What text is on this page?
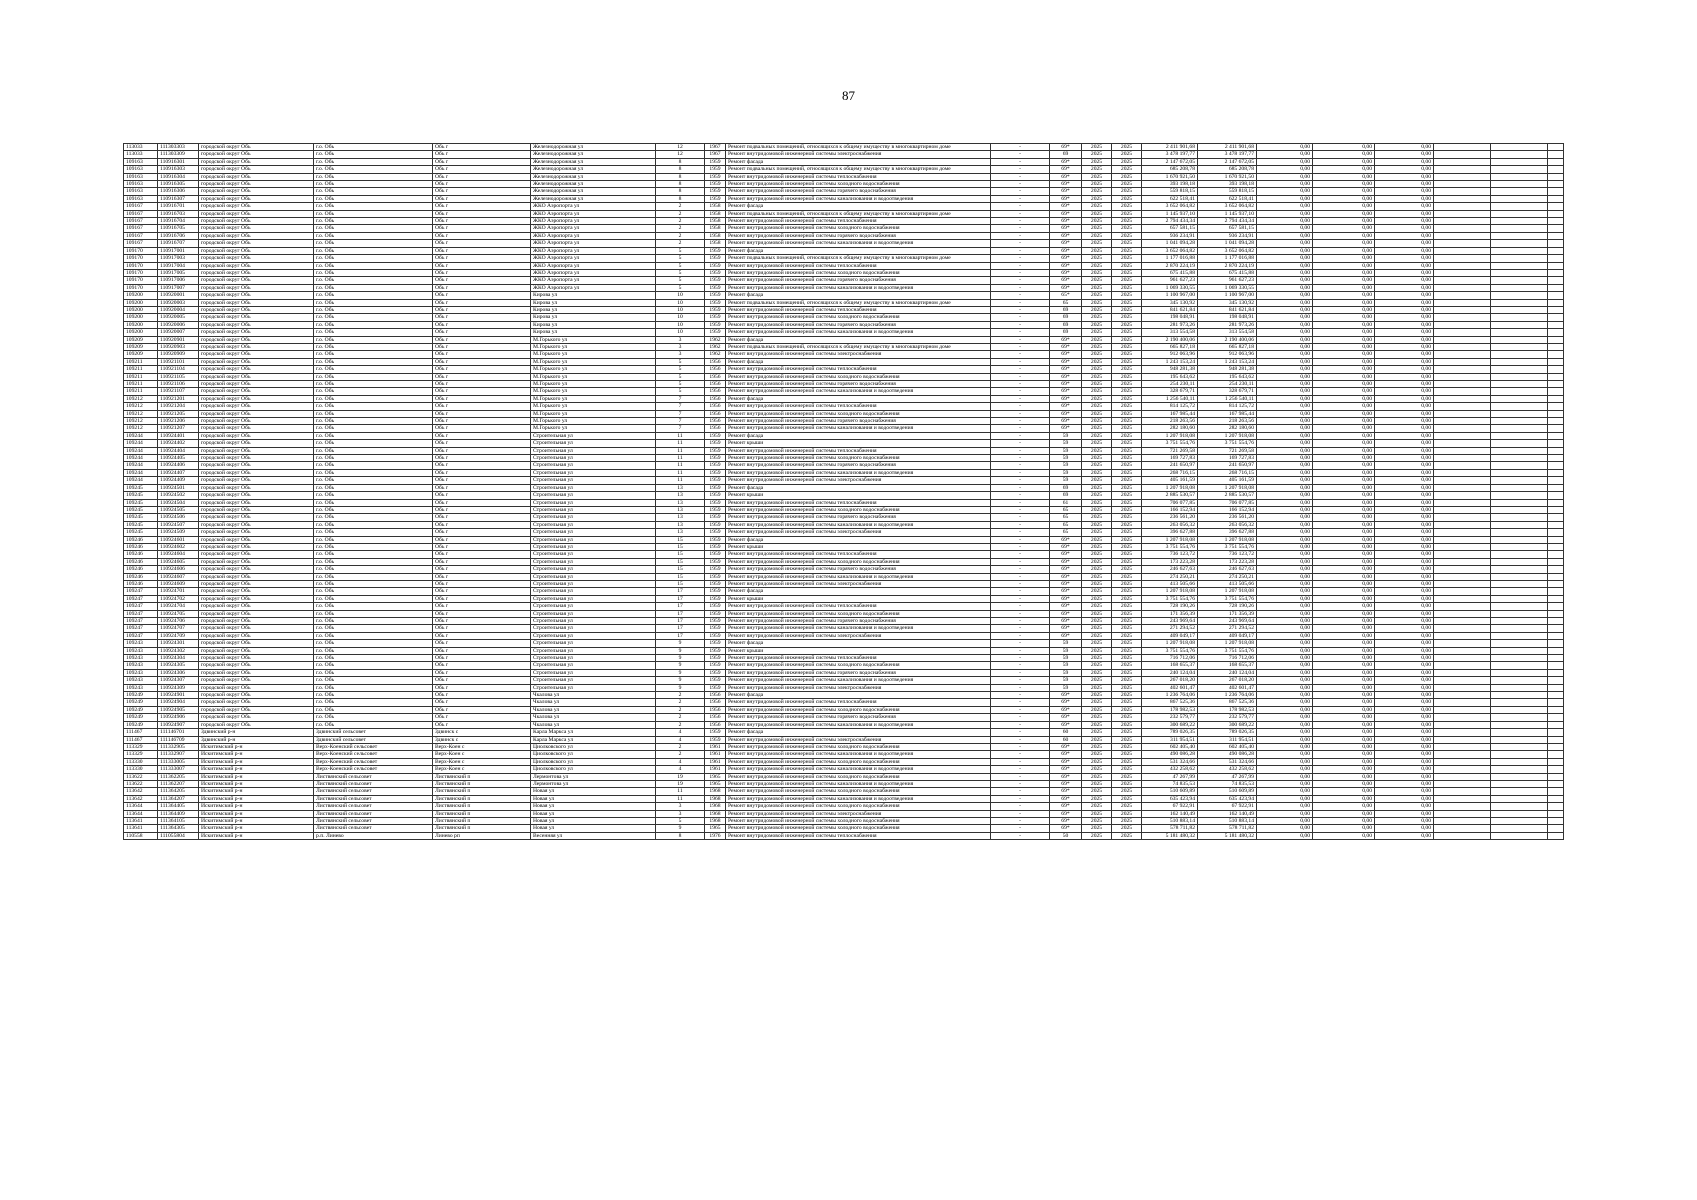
87
113033	111303303	городской округ Обь	г.о. Обь	Обь г	Железнодорожная ул	12	1967	Ремонт подвальных помещений, относящихся к общему имуществу в многоквартирном доме	-	69*	2025	2025	2 411 901,68	2 411 901,68	0,00	0,00	0,00			
113033	111303309	городской округ Обь	г.о. Обь	Обь г	Железнодорожная ул	12	1967	Ремонт внутридомовой инженерной системы электроснабжения	-	69	2025	2025	3 478 197,77	3 478 197,77	0,00	0,00	0,00			
109163	110916301	городской округ Обь	г.о. Обь	Обь г	Железнодорожная ул	8	1959	Ремонт фасада	-	69*	2025	2025	2 147 672,05	2 147 672,05	0,00	0,00	0,00			
109163	110916303	городской округ Обь	г.о. Обь	Обь г	Железнодорожная ул	8	1959	Ремонт подвальных помещений, относящихся к общему имуществу в многоквартирном доме	-	69*	2025	2025	685 208,78	685 208,78	0,00	0,00	0,00			
109163	110916304	городской округ Обь	г.о. Обь	Обь г	Железнодорожная ул	8	1959	Ремонт внутридомовой инженерной системы теплоснабжения	-	69*	2025	2025	1 670 921,50	1 670 921,50	0,00	0,00	0,00			
109163	110916305	городской округ Обь	г.о. Обь	Обь г	Железнодорожная ул	8	1959	Ремонт внутридомовой инженерной системы холодного водоснабжения	-	69*	2025	2025	393 198,18	393 198,18	0,00	0,00	0,00			
109163	110916306	городской округ Обь	г.о. Обь	Обь г	Железнодорожная ул	8	1959	Ремонт внутридомовой инженерной системы горячего водоснабжения	-	69*	2025	2025	559 818,15	559 818,15	0,00	0,00	0,00			
109163	110916307	городской округ Обь	г.о. Обь	Обь г	Железнодорожная ул	8	1959	Ремонт внутридомовой инженерной системы канализования и водоотведения	-	69*	2025	2025	622 518,41	622 518,41	0,00	0,00	0,00			
109167	110916701	городской округ Обь	г.о. Обь	Обь г	ЖКО Аэропорта ул	2	1958	Ремонт фасада	-	69*	2025	2025	3 652 064,82	3 652 064,82	0,00	0,00	0,00			
109167	110916703	городской округ Обь	г.о. Обь	Обь г	ЖКО Аэропорта ул	2	1958	Ремонт подвальных помещений, относящихся к общему имуществу в многоквартирном доме	-	69*	2025	2025	1 145 937,10	1 145 937,10	0,00	0,00	0,00			
109167	110916704	городской округ Обь	г.о. Обь	Обь г	ЖКО Аэропорта ул	2	1958	Ремонт внутридомовой инженерной системы теплоснабжения	-	69*	2025	2025	2 794 434,34	2 794 434,34	0,00	0,00	0,00			
109167	110916705	городской округ Обь	г.о. Обь	Обь г	ЖКО Аэропорта ул	2	1958	Ремонт внутридомовой инженерной системы холодного водоснабжения	-	69*	2025	2025	657 581,15	657 581,15	0,00	0,00	0,00			
109167	110916706	городской округ Обь	г.о. Обь	Обь г	ЖКО Аэропорта ул	2	1958	Ремонт внутридомовой инженерной системы горячего водоснабжения	-	69*	2025	2025	936 234,91	936 234,91	0,00	0,00	0,00			
109167	110916707	городской округ Обь	г.о. Обь	Обь г	ЖКО Аэропорта ул	2	1958	Ремонт внутридомовой инженерной системы канализования и водоотведения	-	69*	2025	2025	1 041 094,28	1 041 094,28	0,00	0,00	0,00			
109170	110917001	городской округ Обь	г.о. Обь	Обь г	ЖКО Аэропорта ул	5	1959	Ремонт фасада	-	69*	2025	2025	3 652 064,82	3 652 064,82	0,00	0,00	0,00			
109170	110917003	городской округ Обь	г.о. Обь	Обь г	ЖКО Аэропорта ул	5	1959	Ремонт подвальных помещений, относящихся к общему имуществу в многоквартирном доме	-	69*	2025	2025	1 177 016,88	1 177 016,88	0,00	0,00	0,00			
109170	110917004	городской округ Обь	г.о. Обь	Обь г	ЖКО Аэропорта ул	5	1959	Ремонт внутридомовой инженерной системы теплоснабжения	-	69*	2025	2025	2 870 224,19	2 870 224,19	0,00	0,00	0,00			
109170	110917005	городской округ Обь	г.о. Обь	Обь г	ЖКО Аэропорта ул	5	1959	Ремонт внутридомовой инженерной системы холодного водоснабжения	-	69*	2025	2025	675 415,88	675 415,88	0,00	0,00	0,00			
109170	110917006	городской округ Обь	г.о. Обь	Обь г	ЖКО Аэропорта ул	5	1959	Ремонт внутридомовой инженерной системы горячего водоснабжения	-	69*	2025	2025	961 627,23	961 627,23	0,00	0,00	0,00			
109170	110917007	городской округ Обь	г.о. Обь	Обь г	ЖКО Аэропорта ул	5	1959	Ремонт внутридомовой инженерной системы канализования и водоотведения	-	69*	2025	2025	1 069 330,55	1 069 330,55	0,00	0,00	0,00			
109200	110920001	городской округ Обь	г.о. Обь	Обь г	Кирова ул	10	1959	Ремонт фасада	-	65*	2025	2025	1 100 967,00	1 100 967,00	0,00	0,00	0,00			
109200	110920003	городской округ Обь	г.о. Обь	Обь г	Кирова ул	10	1959	Ремонт подвальных помещений, относящихся к общему имуществу в многоквартирном доме	-	65	2025	2025	345 130,92	345 130,92	0,00	0,00	0,00			
109200	110920004	городской округ Обь	г.о. Обь	Обь г	Кирова ул	10	1959	Ремонт внутридомовой инженерной системы теплоснабжения	-	69	2025	2025	841 621,84	841 621,84	0,00	0,00	0,00			
109200	110920005	городской округ Обь	г.о. Обь	Обь г	Кирова ул	10	1959	Ремонт внутридомовой инженерной системы холодного водоснабжения	-	69	2025	2025	198 048,91	198 048,91	0,00	0,00	0,00			
109200	110920006	городской округ Обь	г.о. Обь	Обь г	Кирова ул	10	1959	Ремонт внутридомовой инженерной системы горячего водоснабжения	-	69	2025	2025	281 973,26	281 973,26	0,00	0,00	0,00			
109200	110920007	городской округ Обь	г.о. Обь	Обь г	Кирова ул	10	1959	Ремонт внутридомовой инженерной системы канализования и водоотведения	-	69	2025	2025	313 554,58	313 554,58	0,00	0,00	0,00			
109209	110920901	городской округ Обь	г.о. Обь	Обь г	М.Горького ул	3	1962	Ремонт фасада	-	69*	2025	2025	2 190 400,06	2 190 400,06	0,00	0,00	0,00			
109209	110920903	городской округ Обь	г.о. Обь	Обь г	М.Горького ул	3	1962	Ремонт подвальных помещений, относящихся к общему имуществу в многоквартирном доме	-	69*	2025	2025	665 827,18	665 827,18	0,00	0,00	0,00			
109209	110920909	городской округ Обь	г.о. Обь	Обь г	М.Горького ул	3	1962	Ремонт внутридомовой инженерной системы электроснабжения	-	69*	2025	2025	912 063,96	912 063,96	0,00	0,00	0,00			
109211	110921101	городской округ Обь	г.о. Обь	Обь г	М.Горького ул	5	1956	Ремонт фасада	-	69*	2025	2025	1 243 153,24	1 243 153,24	0,00	0,00	0,00			
109211	110921104	городской округ Обь	г.о. Обь	Обь г	М.Горького ул	5	1956	Ремонт внутридомовой инженерной системы теплоснабжения	-	69*	2025	2025	948 281,38	948 281,38	0,00	0,00	0,00			
109211	110921105	городской округ Обь	г.о. Обь	Обь г	М.Горького ул	5	1956	Ремонт внутридомовой инженерной системы холодного водоснабжения	-	69*	2025	2025	195 643,62	195 643,62	0,00	0,00	0,00			
109211	110921106	городской округ Обь	г.о. Обь	Обь г	М.Горького ул	5	1956	Ремонт внутридомовой инженерной системы горячего водоснабжения	-	69*	2025	2025	254 230,11	254 230,11	0,00	0,00	0,00			
109211	110921107	городской округ Обь	г.о. Обь	Обь г	М.Горького ул	5	1956	Ремонт внутридомовой инженерной системы канализования и водоотведения	-	69*	2025	2025	328 679,71	328 679,71	0,00	0,00	0,00			
109212	110921201	городской округ Обь	г.о. Обь	Обь г	М.Горького ул	7	1956	Ремонт фасада	-	69*	2025	2025	1 256 540,11	1 256 540,11	0,00	0,00	0,00			
109212	110921204	городской округ Обь	г.о. Обь	Обь г	М.Горького ул	7	1956	Ремонт внутридомовой инженерной системы теплоснабжения	-	69*	2025	2025	814 125,72	814 125,72	0,00	0,00	0,00			
109212	110921205	городской округ Обь	г.о. Обь	Обь г	М.Горького ул	7	1956	Ремонт внутридомовой инженерной системы холодного водоснабжения	-	69*	2025	2025	167 985,44	167 985,44	0,00	0,00	0,00			
109212	110921206	городской округ Обь	г.о. Обь	Обь г	М.Горького ул	7	1956	Ремонт внутридомовой инженерной системы горячего водоснабжения	-	69*	2025	2025	218 263,56	218 263,56	0,00	0,00	0,00			
109212	110921207	городской округ Обь	г.о. Обь	Обь г	М.Горького ул	7	1956	Ремонт внутридомовой инженерной системы канализования и водоотведения	-	69*	2025	2025	282 180,60	282 180,60	0,00	0,00	0,00			
109244	110924401	городской округ Обь	г.о. Обь	Обь г	Строительная ул	11	1959	Ремонт фасада	-	59	2025	2025	1 207 918,08	1 207 918,08	0,00	0,00	0,00			
109244	110924402	городской округ Обь	г.о. Обь	Обь г	Строительная ул	11	1959	Ремонт крыши	-	59	2025	2025	3 751 554,76	3 751 554,76	0,00	0,00	0,00			
109244	110924404	городской округ Обь	г.о. Обь	Обь г	Строительная ул	11	1959	Ремонт внутридомовой инженерной системы теплоснабжения	-	59	2025	2025	721 269,58	721 269,58	0,00	0,00	0,00			
109244	110924405	городской округ Обь	г.о. Обь	Обь г	Строительная ул	11	1959	Ремонт внутридомовой инженерной системы холодного водоснабжения	-	59	2025	2025	169 727,83	169 727,83	0,00	0,00	0,00			
109244	110924406	городской округ Обь	г.о. Обь	Обь г	Строительная ул	11	1959	Ремонт внутридомовой инженерной системы горячего водоснабжения	-	59	2025	2025	241 650,97	241 650,97	0,00	0,00	0,00			
109244	110924407	городской округ Обь	г.о. Обь	Обь г	Строительная ул	11	1959	Ремонт внутридомовой инженерной системы канализования и водоотведения	-	59	2025	2025	268 716,15	268 716,15	0,00	0,00	0,00			
109244	110924409	городской округ Обь	г.о. Обь	Обь г	Строительная ул	11	1959	Ремонт внутридомовой инженерной системы электроснабжения	-	59	2025	2025	405 161,59	405 161,59	0,00	0,00	0,00			
109245	110924501	городской округ Обь	г.о. Обь	Обь г	Строительная ул	13	1959	Ремонт фасада	-	69	2025	2025	1 207 918,08	1 207 918,08	0,00	0,00	0,00			
109245	110924502	городской округ Обь	г.о. Обь	Обь г	Строительная ул	13	1959	Ремонт крыши	-	69	2025	2025	2 885 530,57	2 885 530,57	0,00	0,00	0,00			
109245	110924504	городской округ Обь	г.о. Обь	Обь г	Строительная ул	13	1959	Ремонт внутридомовой инженерной системы теплоснабжения	-	61	2025	2025	706 077,85	706 077,85	0,00	0,00	0,00			
109245	110924505	городской округ Обь	г.о. Обь	Обь г	Строительная ул	13	1959	Ремонт внутридомовой инженерной системы холодного водоснабжения	-	65	2025	2025	166 152,94	166 152,94	0,00	0,00	0,00			
109245	110924506	городской округ Обь	г.о. Обь	Обь г	Строительная ул	13	1959	Ремонт внутридомовой инженерной системы горячего водоснабжения	-	65	2025	2025	236 561,20	236 561,20	0,00	0,00	0,00			
109245	110924507	городской округ Обь	г.о. Обь	Обь г	Строительная ул	13	1959	Ремонт внутридомовой инженерной системы канализования и водоотведения	-	65	2025	2025	263 056,32	263 056,32	0,00	0,00	0,00			
109245	110924509	городской округ Обь	г.о. Обь	Обь г	Строительная ул	13	1959	Ремонт внутридомовой инженерной системы электроснабжения	-	65	2025	2025	396 627,88	396 627,88	0,00	0,00	0,00			
109246	110924601	городской округ Обь	г.о. Обь	Обь г	Строительная ул	15	1959	Ремонт фасада	-	69*	2025	2025	1 207 918,08	1 207 918,08	0,00	0,00	0,00			
109246	110924602	городской округ Обь	г.о. Обь	Обь г	Строительная ул	15	1959	Ремонт крыши	-	69*	2025	2025	3 751 554,76	3 751 554,76	0,00	0,00	0,00			
109246	110924604	городской округ Обь	г.о. Обь	Обь г	Строительная ул	15	1959	Ремонт внутридомовой инженерной системы теплоснабжения	-	69*	2025	2025	736 123,72	736 123,72	0,00	0,00	0,00			
109246	110924605	городской округ Обь	г.о. Обь	Обь г	Строительная ул	15	1959	Ремонт внутридомовой инженерной системы холодного водоснабжения	-	69*	2025	2025	173 223,28	173 223,28	0,00	0,00	0,00			
109246	110924606	городской округ Обь	г.о. Обь	Обь г	Строительная ул	15	1959	Ремонт внутридомовой инженерной системы горячего водоснабжения	-	69*	2025	2025	246 627,63	246 627,63	0,00	0,00	0,00			
109246	110924607	городской округ Обь	г.о. Обь	Обь г	Строительная ул	15	1959	Ремонт внутридомовой инженерной системы канализования и водоотведения	-	69*	2025	2025	274 250,21	274 250,21	0,00	0,00	0,00			
109246	110924609	городской округ Обь	г.о. Обь	Обь г	Строительная ул	15	1959	Ремонт внутридомовой инженерной системы электроснабжения	-	69*	2025	2025	413 505,66	413 505,66	0,00	0,00	0,00			
109247	110924701	городской округ Обь	г.о. Обь	Обь г	Строительная ул	17	1959	Ремонт фасада	-	69*	2025	2025	1 207 918,08	1 207 918,08	0,00	0,00	0,00			
109247	110924702	городской округ Обь	г.о. Обь	Обь г	Строительная ул	17	1959	Ремонт крыши	-	69*	2025	2025	3 751 554,76	3 751 554,76	0,00	0,00	0,00			
109247	110924704	городской округ Обь	г.о. Обь	Обь г	Строительная ул	17	1959	Ремонт внутридомовой инженерной системы теплоснабжения	-	69*	2025	2025	728 190,26	728 190,26	0,00	0,00	0,00			
109247	110924705	городской округ Обь	г.о. Обь	Обь г	Строительная ул	17	1959	Ремонт внутридомовой инженерной системы холодного водоснабжения	-	69*	2025	2025	171 356,39	171 356,39	0,00	0,00	0,00			
109247	110924706	городской округ Обь	г.о. Обь	Обь г	Строительная ул	17	1959	Ремонт внутридомовой инженерной системы горячего водоснабжения	-	69*	2025	2025	243 969,64	243 969,64	0,00	0,00	0,00			
109247	110924707	городской округ Обь	г.о. Обь	Обь г	Строительная ул	17	1959	Ремонт внутридомовой инженерной системы канализования и водоотведения	-	69*	2025	2025	271 294,52	271 294,52	0,00	0,00	0,00			
109247	110924709	городской округ Обь	г.о. Обь	Обь г	Строительная ул	17	1959	Ремонт внутридомовой инженерной системы электроснабжения	-	69*	2025	2025	409 049,17	409 049,17	0,00	0,00	0,00			
109243	110924301	городской округ Обь	г.о. Обь	Обь г	Строительная ул	9	1959	Ремонт фасада	-	59	2025	2025	1 207 918,08	1 207 918,08	0,00	0,00	0,00			
109243	110924302	городской округ Обь	г.о. Обь	Обь г	Строительная ул	9	1959	Ремонт крыши	-	59	2025	2025	3 751 554,76	3 751 554,76	0,00	0,00	0,00			
109243	110924304	городской округ Обь	г.о. Обь	Обь г	Строительная ул	9	1959	Ремонт внутридомовой инженерной системы теплоснабжения	-	59	2025	2025	716 712,06	716 712,06	0,00	0,00	0,00			
109243	110924305	городской округ Обь	г.о. Обь	Обь г	Строительная ул	9	1959	Ремонт внутридомовой инженерной системы холодного водоснабжения	-	59	2025	2025	168 655,37	168 655,37	0,00	0,00	0,00			
109243	110924306	городской округ Обь	г.о. Обь	Обь г	Строительная ул	9	1959	Ремонт внутридомовой инженерной системы горячего водоснабжения	-	59	2025	2025	240 124,04	240 124,04	0,00	0,00	0,00			
109243	110924307	городской округ Обь	г.о. Обь	Обь г	Строительная ул	9	1959	Ремонт внутридомовой инженерной системы канализования и водоотведения	-	59	2025	2025	267 018,20	267 018,20	0,00	0,00	0,00			
109243	110924309	городской округ Обь	г.о. Обь	Обь г	Строительная ул	9	1959	Ремонт внутридомовой инженерной системы электроснабжения	-	59	2025	2025	402 601,47	402 601,47	0,00	0,00	0,00			
109249	110924901	городской округ Обь	г.о. Обь	Обь г	Чкалова ул	2	1956	Ремонт фасада	-	69*	2025	2025	1 236 764,06	1 236 764,06	0,00	0,00	0,00			
109249	110924904	городской округ Обь	г.о. Обь	Обь г	Чкалова ул	2	1956	Ремонт внутридомовой инженерной системы теплоснабжения	-	69*	2025	2025	867 525,36	867 525,36	0,00	0,00	0,00			
109249	110924905	городской округ Обь	г.о. Обь	Обь г	Чкалова ул	2	1956	Ремонт внутридомовой инженерной системы холодного водоснабжения	-	69*	2025	2025	178 982,53	178 982,53	0,00	0,00	0,00			
109249	110924906	городской округ Обь	г.о. Обь	Обь г	Чкалова ул	2	1956	Ремонт внутридомовой инженерной системы горячего водоснабжения	-	69*	2025	2025	232 579,77	232 579,77	0,00	0,00	0,00			
109249	110924907	городской округ Обь	г.о. Обь	Обь г	Чкалова ул	2	1956	Ремонт внутридомовой инженерной системы канализования и водоотведения	-	69*	2025	2025	300 689,22	300 689,22	0,00	0,00	0,00			
111467	111146701	Здвинский р-н	Здвинский сельсовет	Здвинск с	Карла Маркса ул	4	1959	Ремонт фасада	-	60	2025	2025	789 026,35	789 026,35	0,00	0,00	0,00			
111467	111146709	Здвинский р-н	Здвинский сельсовет	Здвинск с	Карла Маркса ул	4	1959	Ремонт внутридомовой инженерной системы электроснабжения	-	60	2025	2025	311 954,51	311 954,51	0,00	0,00	0,00			
113329	111332905	Искитимский р-н	Верх-Коенский сельсовет	Верх-Коен с	Циолковского ул	2	1961	Ремонт внутридомовой инженерной системы холодного водоснабжения	-	69*	2025	2025	602 405,40	602 405,40	0,00	0,00	0,00			
113329	111332907	Искитимский р-н	Верх-Коенский сельсовет	Верх-Коен с	Циолковского ул	2	1961	Ремонт внутридомовой инженерной системы канализования и водоотведения	-	69*	2025	2025	490 086,28	490 086,28	0,00	0,00	0,00			
113330	111333005	Искитимский р-н	Верх-Коенский сельсовет	Верх-Коен с	Циолковского ул	4	1961	Ремонт внутридомовой инженерной системы холодного водоснабжения	-	69*	2025	2025	531 324,66	531 324,66	0,00	0,00	0,00			
113330	111333007	Искитимский р-н	Верх-Коенский сельсовет	Верх-Коен с	Циолковского ул	4	1961	Ремонт внутридомовой инженерной системы канализования и водоотведения	-	69*	2025	2025	432 258,62	432 258,62	0,00	0,00	0,00			
113622	111362205	Искитимский р-н	Листвянский сельсовет	Листвянский п	Лермонтова ул	19	1965	Ремонт внутридомовой инженерной системы холодного водоснабжения	-	69*	2025	2025	47 267,99	47 267,99	0,00	0,00	0,00			
113622	111362207	Искитимский р-н	Листвянский сельсовет	Листвянский п	Лермонтова ул	19	1965	Ремонт внутридомовой инженерной системы канализования и водоотведения	-	69*	2025	2025	74 835,53	74 835,53	0,00	0,00	0,00			
113642	111364205	Искитимский р-н	Листвянский сельсовет	Листвянский п	Новая ул	11	1968	Ремонт внутридомовой инженерной системы холодного водоснабжения	-	69*	2025	2025	510 609,89	510 609,89	0,00	0,00	0,00			
113642	111364207	Искитимский р-н	Листвянский сельсовет	Листвянский п	Новая ул	11	1968	Ремонт внутридомовой инженерной системы канализования и водоотведения	-	69*	2025	2025	635 423,94	635 423,94	0,00	0,00	0,00			
113644	111364405	Искитимский р-н	Листвянский сельсовет	Листвянский п	Новая ул	3	1968	Ремонт внутридомовой инженерной системы холодного водоснабжения	-	69*	2025	2025	67 922,91	67 922,91	0,00	0,00	0,00			
113644	111364409	Искитимский р-н	Листвянский сельсовет	Листвянский п	Новая ул	3	1968	Ремонт внутридомовой инженерной системы электроснабжения	-	69*	2025	2025	162 140,49	162 140,49	0,00	0,00	0,00			
113641	111364105	Искитимский р-н	Листвянский сельсовет	Листвянский п	Новая ул	5	1968	Ремонт внутридомовой инженерной системы холодного водоснабжения	-	69*	2025	2025	510 883,14	510 883,14	0,00	0,00	0,00			
113641	111364305	Искитимский р-н	Листвянский сельсовет	Листвянский п	Новая ул	9	1965	Ремонт внутридомовой инженерной системы холодного водоснабжения	-	69*	2025	2025	578 711,82	578 711,82	0,00	0,00	0,00			
110558	111055804	Искитимский р-н	р.п. Линево	Линево рп	Весенняя ул	8	1976	Ремонт внутридомовой инженерной системы теплоснабжения	-	50	2025	2025	5 181 480,32	5 181 480,32	0,00	0,00	0,00			
